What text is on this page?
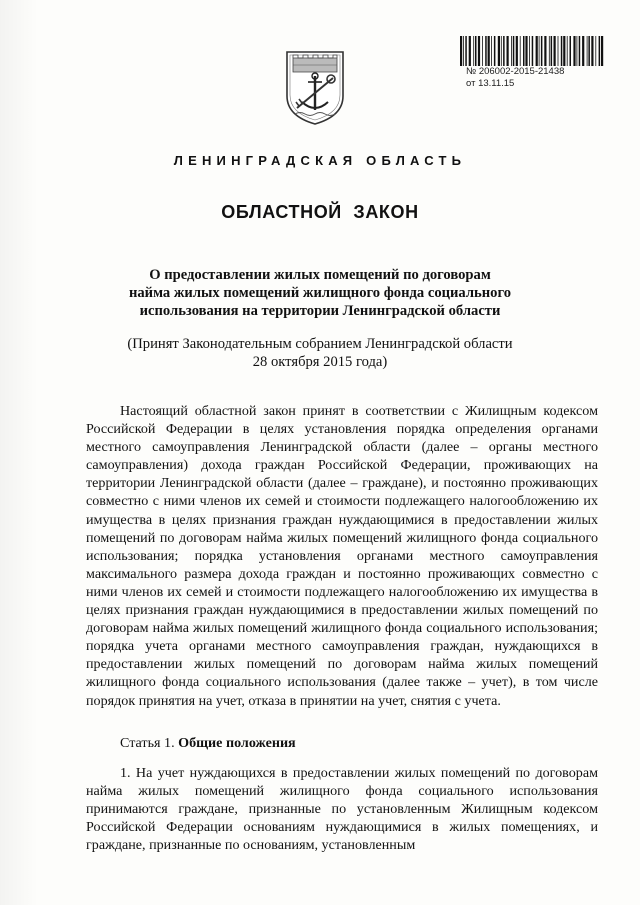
№ 206002-2015-21438
от 13.11.15
ЛЕНИНГРАДСКАЯ ОБЛАСТЬ
ОБЛАСТНОЙ ЗАКОН
О предоставлении жилых помещений по договорам
найма жилых помещений жилищного фонда социального
использования на территории Ленинградской области
(Принят Законодательным собранием Ленинградской области
28 октября 2015 года)

Настоящий областной закон принят в соответствии с Жилищным кодексом Российской Федерации в целях установления порядка определения органами местного самоуправления Ленинградской области (далее – органы местного самоуправления) дохода граждан Российской Федерации, проживающих на территории Ленинградской области (далее – граждане), и постоянно проживающих совместно с ними членов их семей и стоимости подлежащего налогообложению их имущества в целях признания граждан нуждающимися в предоставлении жилых помещений по договорам найма жилых помещений жилищного фонда социального использования; порядка установления органами местного самоуправления максимального размера дохода граждан и постоянно проживающих совместно с ними членов их семей и стоимости подлежащего налогообложению их имущества в целях признания граждан нуждающимися в предоставлении жилых помещений по договорам найма жилых помещений жилищного фонда социального использования; порядка учета органами местного самоуправления граждан, нуждающихся в предоставлении жилых помещений по договорам найма жилых помещений жилищного фонда социального использования (далее также – учет), в том числе порядок принятия на учет, отказа в принятии на учет, снятия с учета.

Статья 1. Общие положения

1. На учет нуждающихся в предоставлении жилых помещений по договорам найма жилых помещений жилищного фонда социального использования принимаются граждане, признанные по установленным Жилищным кодексом Российской Федерации основаниям нуждающимися в жилых помещениях, и граждане, признанные по основаниям, установленным
